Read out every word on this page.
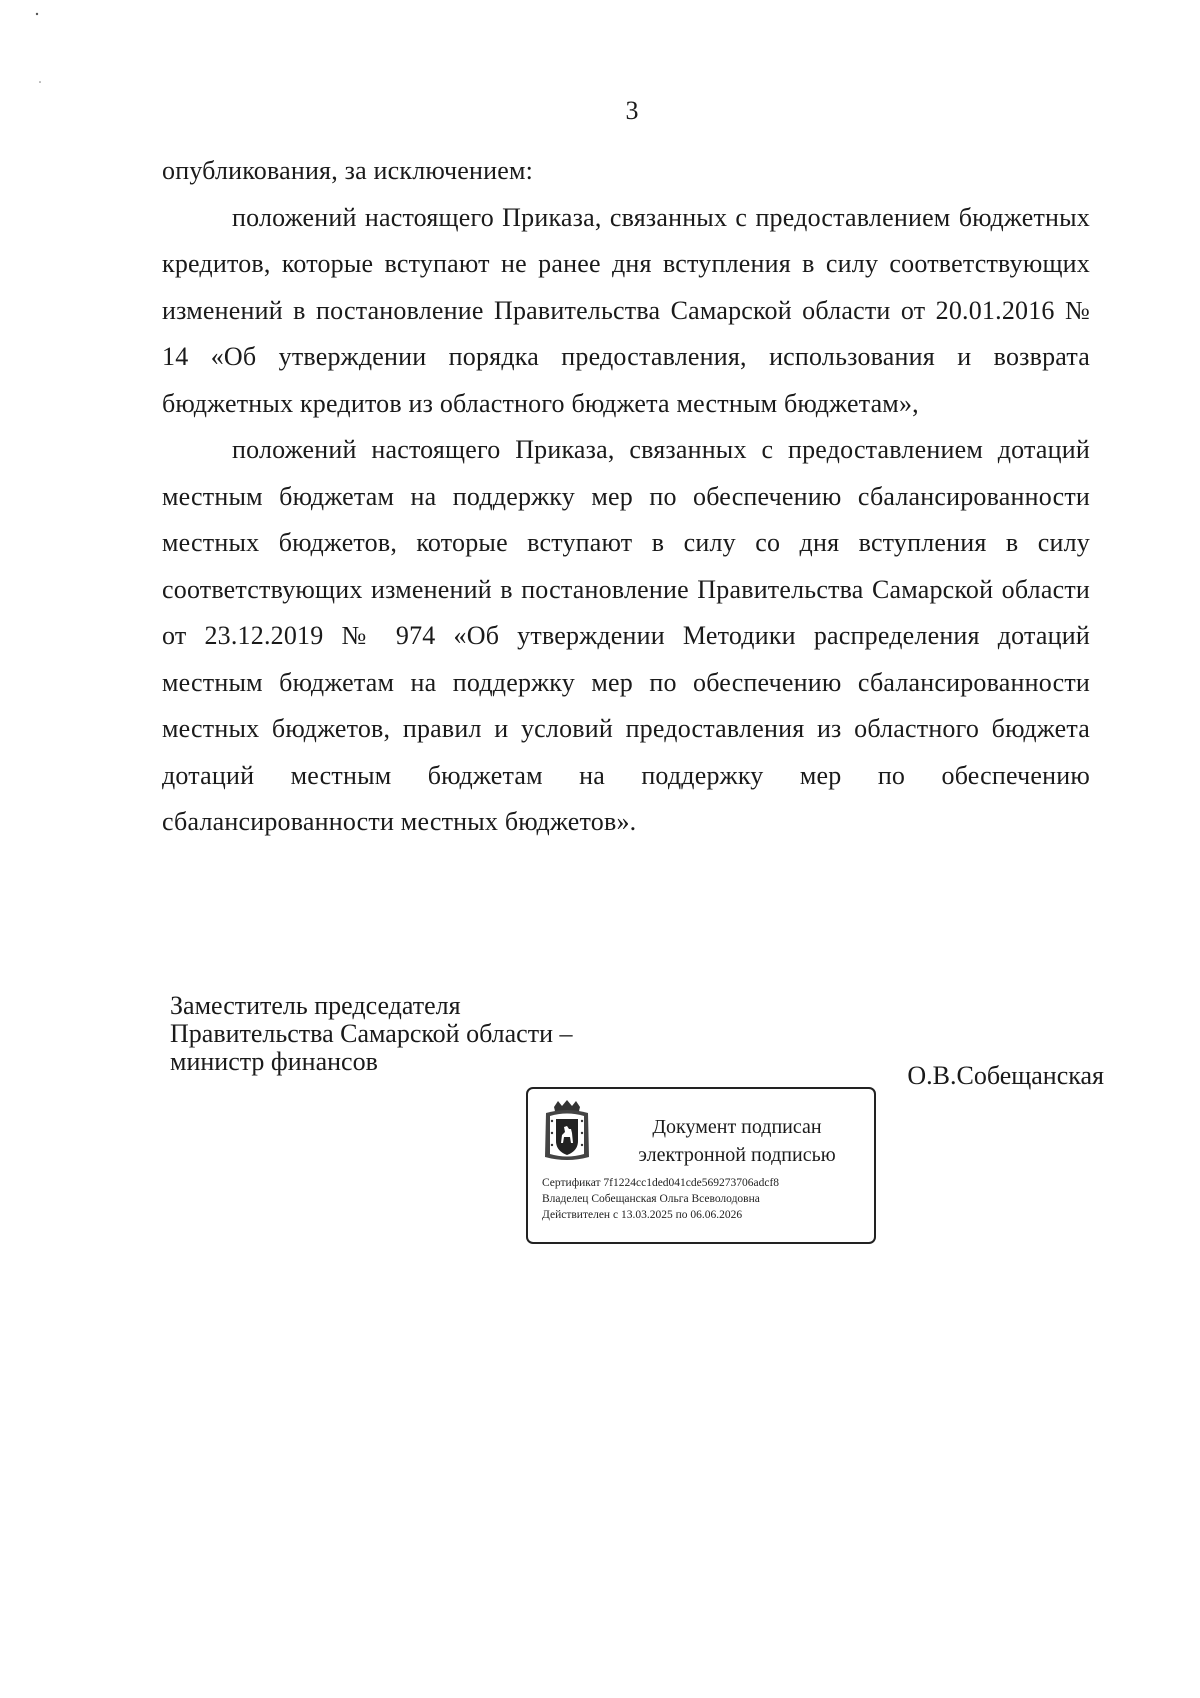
3

опубликования, за исключением:

положений настоящего Приказа, связанных с предоставлением бюджетных кредитов, которые вступают не ранее дня вступления в силу соответствующих изменений в постановление Правительства Самарской области от 20.01.2016 № 14 «Об утверждении порядка предоставления, использования и возврата бюджетных кредитов из областного бюджета местным бюджетам»,

положений настоящего Приказа, связанных с предоставлением дотаций местным бюджетам на поддержку мер по обеспечению сбалансированности местных бюджетов, которые вступают в силу со дня вступления в силу соответствующих изменений в постановление Правительства Самарской области от 23.12.2019 № 974 «Об утверждении Методики распределения дотаций местным бюджетам на поддержку мер по обеспечению сбалансированности местных бюджетов, правил и условий предоставления из областного бюджета дотаций местным бюджетам на поддержку мер по обеспечению сбалансированности местных бюджетов».

Заместитель председателя
Правительства Самарской области –
министр финансов	О.В.Собещанская
Документ подписан
электронной подписью
Сертификат 7f1224cc1ded041cde569273706adcf8
Владелец Собещанская Ольга Всеволодовна
Действителен с 13.03.2025 по 06.06.2026
